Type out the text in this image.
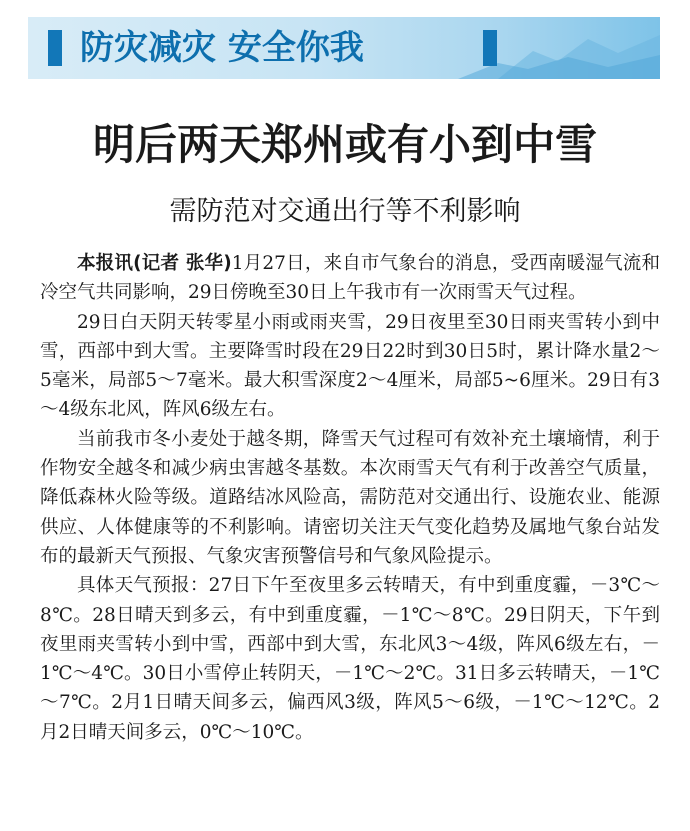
防灾减灾 安全你我
明后两天郑州或有小到中雪
需防范对交通出行等不利影响

本报讯(记者 张华)1月27日，来自市气象台的消息，受西南暖湿气流和冷空气共同影响，29日傍晚至30日上午我市有一次雨雪天气过程。

29日白天阴天转零星小雨或雨夹雪，29日夜里至30日雨夹雪转小到中雪，西部中到大雪。主要降雪时段在29日22时到30日5时，累计降水量2～5毫米，局部5～7毫米。最大积雪深度2～4厘米，局部5~6厘米。29日有3～4级东北风，阵风6级左右。

当前我市冬小麦处于越冬期，降雪天气过程可有效补充土壤墒情，利于作物安全越冬和减少病虫害越冬基数。本次雨雪天气有利于改善空气质量，降低森林火险等级。道路结冰风险高，需防范对交通出行、设施农业、能源供应、人体健康等的不利影响。请密切关注天气变化趋势及属地气象台站发布的最新天气预报、气象灾害预警信号和气象风险提示。

具体天气预报：27日下午至夜里多云转晴天，有中到重度霾，－3℃～8℃。28日晴天到多云，有中到重度霾，－1℃～8℃。29日阴天，下午到夜里雨夹雪转小到中雪，西部中到大雪，东北风3～4级，阵风6级左右，－1℃～4℃。30日小雪停止转阴天，－1℃～2℃。31日多云转晴天，－1℃～7℃。2月1日晴天间多云，偏西风3级，阵风5～6级，－1℃～12℃。2月2日晴天间多云，0℃～10℃。
